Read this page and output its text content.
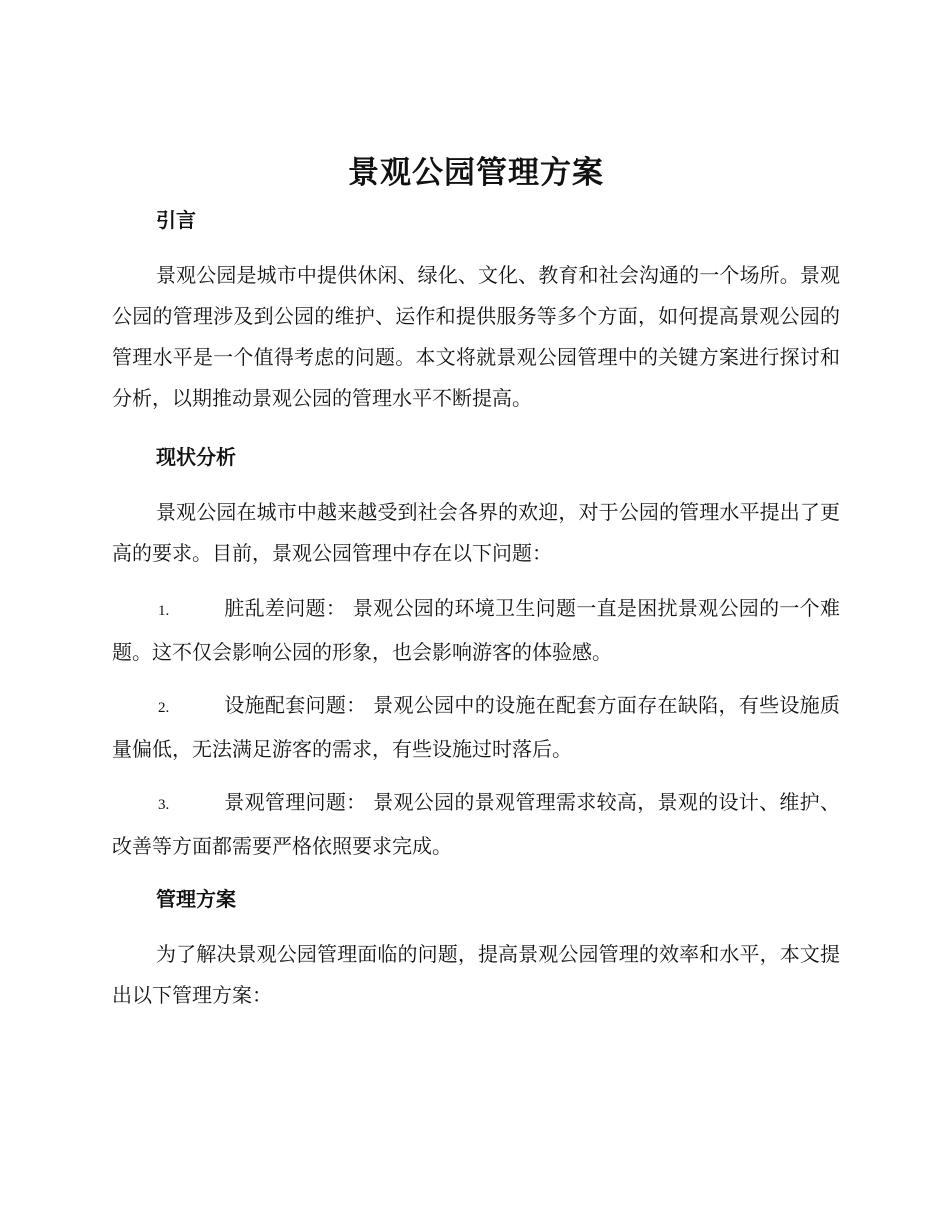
景观公园管理方案
引言

景观公园是城市中提供休闲、绿化、文化、教育和社会沟通的一个场所。景观公园的管理涉及到公园的维护、运作和提供服务等多个方面，如何提高景观公园的管理水平是一个值得考虑的问题。本文将就景观公园管理中的关键方案进行探讨和分析，以期推动景观公园的管理水平不断提高。

现状分析

景观公园在城市中越来越受到社会各界的欢迎，对于公园的管理水平提出了更高的要求。目前，景观公园管理中存在以下问题：

1.	脏乱差问题： 景观公园的环境卫生问题一直是困扰景观公园的一个难题。这不仅会影响公园的形象，也会影响游客的体验感。

2.	设施配套问题： 景观公园中的设施在配套方面存在缺陷，有些设施质量偏低，无法满足游客的需求，有些设施过时落后。

3.	景观管理问题： 景观公园的景观管理需求较高，景观的设计、维护、改善等方面都需要严格依照要求完成。

管理方案

为了解决景观公园管理面临的问题，提高景观公园管理的效率和水平，本文提出以下管理方案：
